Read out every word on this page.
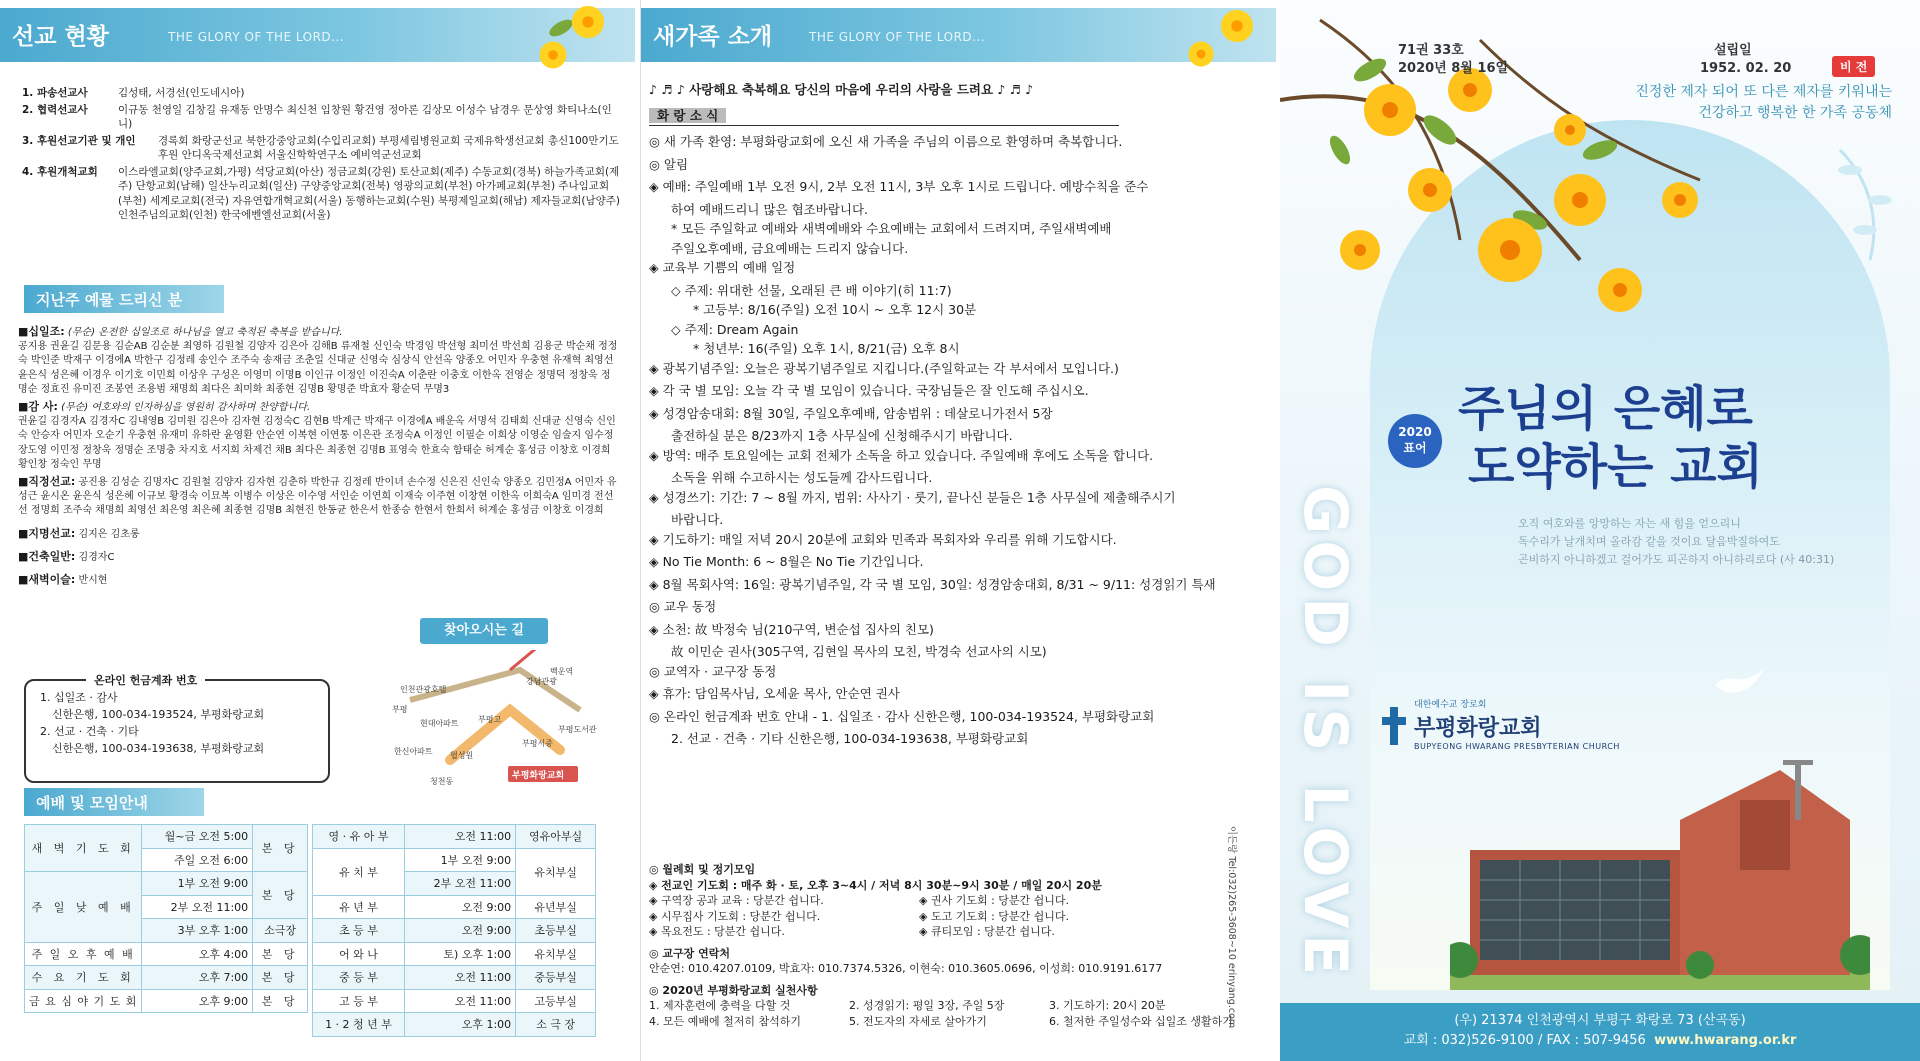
선교 현황	THE GLORY OF THE LORD...
1. 파송선교사	김성태, 서경선(인도네시아)
2. 협력선교사	이규동 천영일 김창길 유재동 안명수 최신천 임창원 황건영 정아론 김상모 이성수 남경우 문상영 화티나소(인니)
3. 후원선교기관 및 개인	경록회 화랑군선교 북한강중앙교회(수입리교회) 부평세림병원교회 국제유학생선교회 총신100만기도후원 안디옥국제선교회 서울신학학연구소 예비역군선교회
4. 후원개척교회	이스라엘교회(양주교회,가평) 석당교회(아산) 정금교회(강원) 토산교회(제주) 수동교회(경북) 하늘가족교회(제주) 단항교회(남해) 일산누리교회(일산) 구양중앙교회(전북) 영광의교회(부천) 아가페교회(부천) 주나임교회(부천) 세계로교회(전국) 자유연합개혁교회(서울) 동행하는교회(수원) 북평제일교회(해남) 제자들교회(남양주) 인천주님의교회(인천) 한국에벤엘선교회(서울)
지난주 예물 드리신 분
■십일조: (무순) 온전한 십일조로 하나님을 열고 축적된 축복을 받습니다.
공지용 권윤길 김문용 김순AB 김순분 최영하 김원철 김양자 김은아 김해B 류재철 신인숙 박경임 박선형 최미선 박선희 김용군 박순채 정정숙 박인준 박재구 이경에A 박한구 김정레 송인수 조주숙 송재금 조춘일 신대균 신영숙 심상식 안선옥 양종오 어민자 우충현 유재혁 최영선 윤은식 성은혜 이경우 이기호 이민희 이상우 구성은 이영미 이명B 이인규 이정인 이진숙A 이춘란 이충호 이한옥 전영순 정명덕 정창욱 정명순 정효진 유미진 조봉연 조용범 채명희 최다은 최미화 최종현 김명B 황명준 박효자 황순덕 무명3
■감 사: (무순) 여호와의 인자하심을 영원히 감사하며 찬양합니다.
권윤길 김경자A 김경자C 김내영B 김미원 김은아 김자현 김정숙C 김현B 박계근 박재구 이경에A 배운옥 서명석 김태희 신대균 신영숙 신인숙 안승자 어민자 오순기 우충현 유재미 유하란 윤영환 안순연 이복현 이연통 이은관 조정숙A 이정인 이필순 이희상 이영순 임술지 임수정 장도영 이민정 정창욱 정명순 조명충 차지호 서지희 차제건 채B 최다은 최종현 김명B 표영숙 한효숙 함태순 허계순 홍성금 이창호 이경희 황인창 정숙인 무명
■직정선교: 공진용 김성순 김명자C 김원철 김양자 김자현 김춘하 박한규 김정레 반이녀 손수정 신은진 신인숙 양종오 김민정A 어민자 유성근 윤시온 윤은식 성은혜 이규보 황경숙 이묘복 이병수 이상은 이수영 서인순 이연희 이재숙 이주현 이창현 이한옥 이희숙A 임미경 전선선 정명희 조주숙 채명희 최영선 최은영 최은혜 최종현 김명B 최현진 한동균 한은서 한종승 한현서 한희서 허계순 홍성금 이창호 이경희
■지명선교: 김지은 김초롱
■건축일반: 김경자C
■새벽이슬: 반시현
찾아오시는 길
인천관광호텔
부평
현대아파트 부평고
강남관광
백운역
부평도서관
한신아파트
부평서중
협성원
청천동
부평화랑교회
온라인 헌금계좌 번호
1. 십일조 · 감사
신한은행, 100-034-193524, 부평화랑교회
2. 선교 · 건축 · 기타
신한은행, 100-034-193638, 부평화랑교회
예배 및 모임안내
새 벽 기 도 회	월~금 오전 5:00	본 당
	주일 오전 6:00	
주 일 낮 예 배	1부 오전 9:00	본 당
	2부 오전 11:00	
	3부 오후 1:00	소극장
주 일 오 후 예 배	오후 4:00	본 당
수 요 기 도 회	오후 7:00	본 당
금 요 심 야 기 도 회	오후 9:00	본 당
영 · 유 아 부	오전 11:00	영유아부실
유 치 부	1부 오전 9:00	유치부실
	2부 오전 11:00	
유 년 부	오전 9:00	유년부실
초 등 부	오전 9:00	초등부실
어 와 나	토) 오후 1:00	유치부실
중 등 부	오전 11:00	중등부실
고 등 부	오전 11:00	고등부실
1 · 2 청 년 부	오후 1:00	소 극 장
새가족 소개	THE GLORY OF THE LORD...
♪ ♬ ♪ 사랑해요 축복해요 당신의 마음에 우리의 사랑을 드려요 ♪ ♬ ♪
화 랑 소 식
◎ 새 가족 환영: 부평화랑교회에 오신 새 가족을 주님의 이름으로 환영하며 축복합니다.
◎ 알림
◈ 예배: 주일예배 1부 오전 9시, 2부 오전 11시, 3부 오후 1시로 드립니다. 예방수칙을 준수
하여 예배드리니 많은 협조바랍니다.
* 모든 주일학교 예배와 새벽예배와 수요예배는 교회에서 드려지며, 주일새벽예배
주일오후예배, 금요예배는 드리지 않습니다.
◈ 교육부 기쁨의 예배 일정
◇ 주제: 위대한 선물, 오래된 큰 배 이야기(히 11:7)
* 고등부: 8/16(주일) 오전 10시 ~ 오후 12시 30분
◇ 주제: Dream Again
* 청년부: 16(주일) 오후 1시, 8/21(금) 오후 8시
◈ 광복기념주일: 오늘은 광복기념주일로 지킵니다.(주일학교는 각 부서에서 모입니다.)
◈ 각 국 별 모임: 오늘 각 국 별 모임이 있습니다. 국장님들은 잘 인도해 주십시오.
◈ 성경암송대회: 8월 30일, 주일오후예배, 암송범위 : 데살로니가전서 5장
출전하실 분은 8/23까지 1층 사무실에 신청해주시기 바랍니다.
◈ 방역: 매주 토요일에는 교회 전체가 소독을 하고 있습니다. 주일예배 후에도 소독을 합니다.
소독을 위해 수고하시는 성도들께 감사드립니다.
◈ 성경쓰기: 기간: 7 ~ 8월 까지, 범위: 사사기 · 룻기, 끝나신 분들은 1층 사무실에 제출해주시기
바랍니다.
◈ 기도하기: 매일 저녁 20시 20분에 교회와 민족과 목회자와 우리를 위해 기도합시다.
◈ No Tie Month: 6 ~ 8월은 No Tie 기간입니다.
◈ 8월 목회사역: 16일: 광복기념주일, 각 국 별 모임, 30일: 성경암송대회, 8/31 ~ 9/11: 성경읽기 특새
◎ 교우 동정
◈ 소천: 故 박정숙 님(210구역, 변순섭 집사의 친모)
故 이민순 권사(305구역, 김현일 목사의 모친, 박경숙 선교사의 시모)
◎ 교역자 · 교구장 동정
◈ 휴가: 담임목사님, 오세윤 목사, 안순연 권사
◎ 온라인 헌금계좌 번호 안내 - 1. 십일조 · 감사 신한은행, 100-034-193524, 부평화랑교회
2. 선교 · 건축 · 기타 신한은행, 100-034-193638, 부평화랑교회
◎ 월례회 및 정기모임
◈ 전교인 기도회 : 매주 화 · 토, 오후 3~4시 / 저녁 8시 30분~9시 30분 / 매일 20시 20분
◈ 구역장 공과 교육 : 당분간 쉽니다.	◈ 권사 기도회 : 당분간 쉽니다.
◈ 시무집사 기도회 : 당분간 쉽니다.	◈ 도고 기도회 : 당분간 쉽니다.
◈ 목요전도 : 당분간 쉽니다.	◈ 큐티모임 : 당분간 쉽니다.
◎ 교구장 연락처
안순연: 010.4207.0109, 박효자: 010.7374.5326, 이현숙: 010.3605.0696, 이성희: 010.9191.6177
◎ 2020년 부평화랑교회 실천사항
1. 제자훈련에 충력을 다할 것	2. 성경읽기: 평일 3장, 주일 5장	3. 기도하기: 20시 20분
4. 모든 예배에 철저히 참석하기	5. 전도자의 자세로 살아가기	6. 철저한 주일성수와 십일조 생활하기
이든랑 Tel:032)265-3608~10 erinyang.com
71권 33호
2020년 8월 16일
설립일
1952. 02. 20	비 전
진정한 제자 되어 또 다른 제자를 키워내는
건강하고 행복한 한 가족 공동체
GOD IS LOVE
2020
표어
주님의 은혜로
도약하는 교회
오직 여호와를 앙망하는 자는 새 힘을 얻으리니
독수리가 날개치며 올라감 같을 것이요 달음박질하여도
곤비하지 아니하겠고 걸어가도 피곤하지 아니하리로다 (사 40:31)
대한예수교 장로회
부평화랑교회
BUPYEONG HWARANG PRESBYTERIAN CHURCH
(우) 21374 인천광역시 부평구 화랑로 73 (산곡동)
교회 : 032)526-9100 / FAX : 507-9456 www.hwarang.or.kr
